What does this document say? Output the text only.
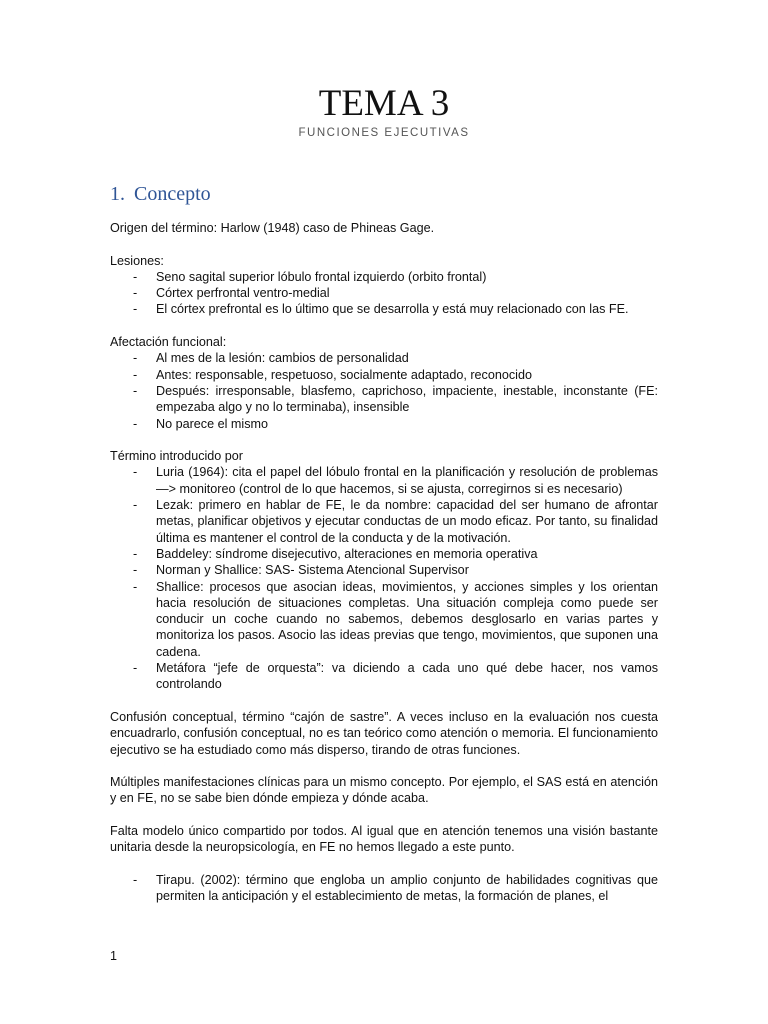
TEMA 3
FUNCIONES EJECUTIVAS
1. Concepto

Origen del término: Harlow (1948) caso de Phineas Gage.

Lesiones:

- Seno sagital superior lóbulo frontal izquierdo (orbito frontal)
- Córtex perfrontal ventro-medial
- El córtex prefrontal es lo último que se desarrolla y está muy relacionado con las FE.

Afectación funcional:

- Al mes de la lesión: cambios de personalidad
- Antes: responsable, respetuoso, socialmente adaptado, reconocido
- Después: irresponsable, blasfemo, caprichoso, impaciente, inestable, inconstante (FE: empezaba algo y no lo terminaba), insensible
- No parece el mismo

Término introducido por

- Luria (1964): cita el papel del lóbulo frontal en la planificación y resolución de problemas —> monitoreo (control de lo que hacemos, si se ajusta, corregirnos si es necesario)
- Lezak: primero en hablar de FE, le da nombre: capacidad del ser humano de afrontar metas, planificar objetivos y ejecutar conductas de un modo eficaz. Por tanto, su finalidad última es mantener el control de la conducta y de la motivación.
- Baddeley: síndrome disejecutivo, alteraciones en memoria operativa
- Norman y Shallice: SAS- Sistema Atencional Supervisor
- Shallice: procesos que asocian ideas, movimientos, y acciones simples y los orientan hacia resolución de situaciones completas. Una situación compleja como puede ser conducir un coche cuando no sabemos, debemos desglosarlo en varias partes y monitoriza los pasos. Asocio las ideas previas que tengo, movimientos, que suponen una cadena.
- Metáfora “jefe de orquesta”: va diciendo a cada uno qué debe hacer, nos vamos controlando

Confusión conceptual, término “cajón de sastre”. A veces incluso en la evaluación nos cuesta encuadrarlo, confusión conceptual, no es tan teórico como atención o memoria. El funcionamiento ejecutivo se ha estudiado como más disperso, tirando de otras funciones.

Múltiples manifestaciones clínicas para un mismo concepto. Por ejemplo, el SAS está en atención y en FE, no se sabe bien dónde empieza y dónde acaba.

Falta modelo único compartido por todos. Al igual que en atención tenemos una visión bastante unitaria desde la neuropsicología, en FE no hemos llegado a este punto.

- Tirapu. (2002): término que engloba un amplio conjunto de habilidades cognitivas que permiten la anticipación y el establecimiento de metas, la formación de planes, el
1
